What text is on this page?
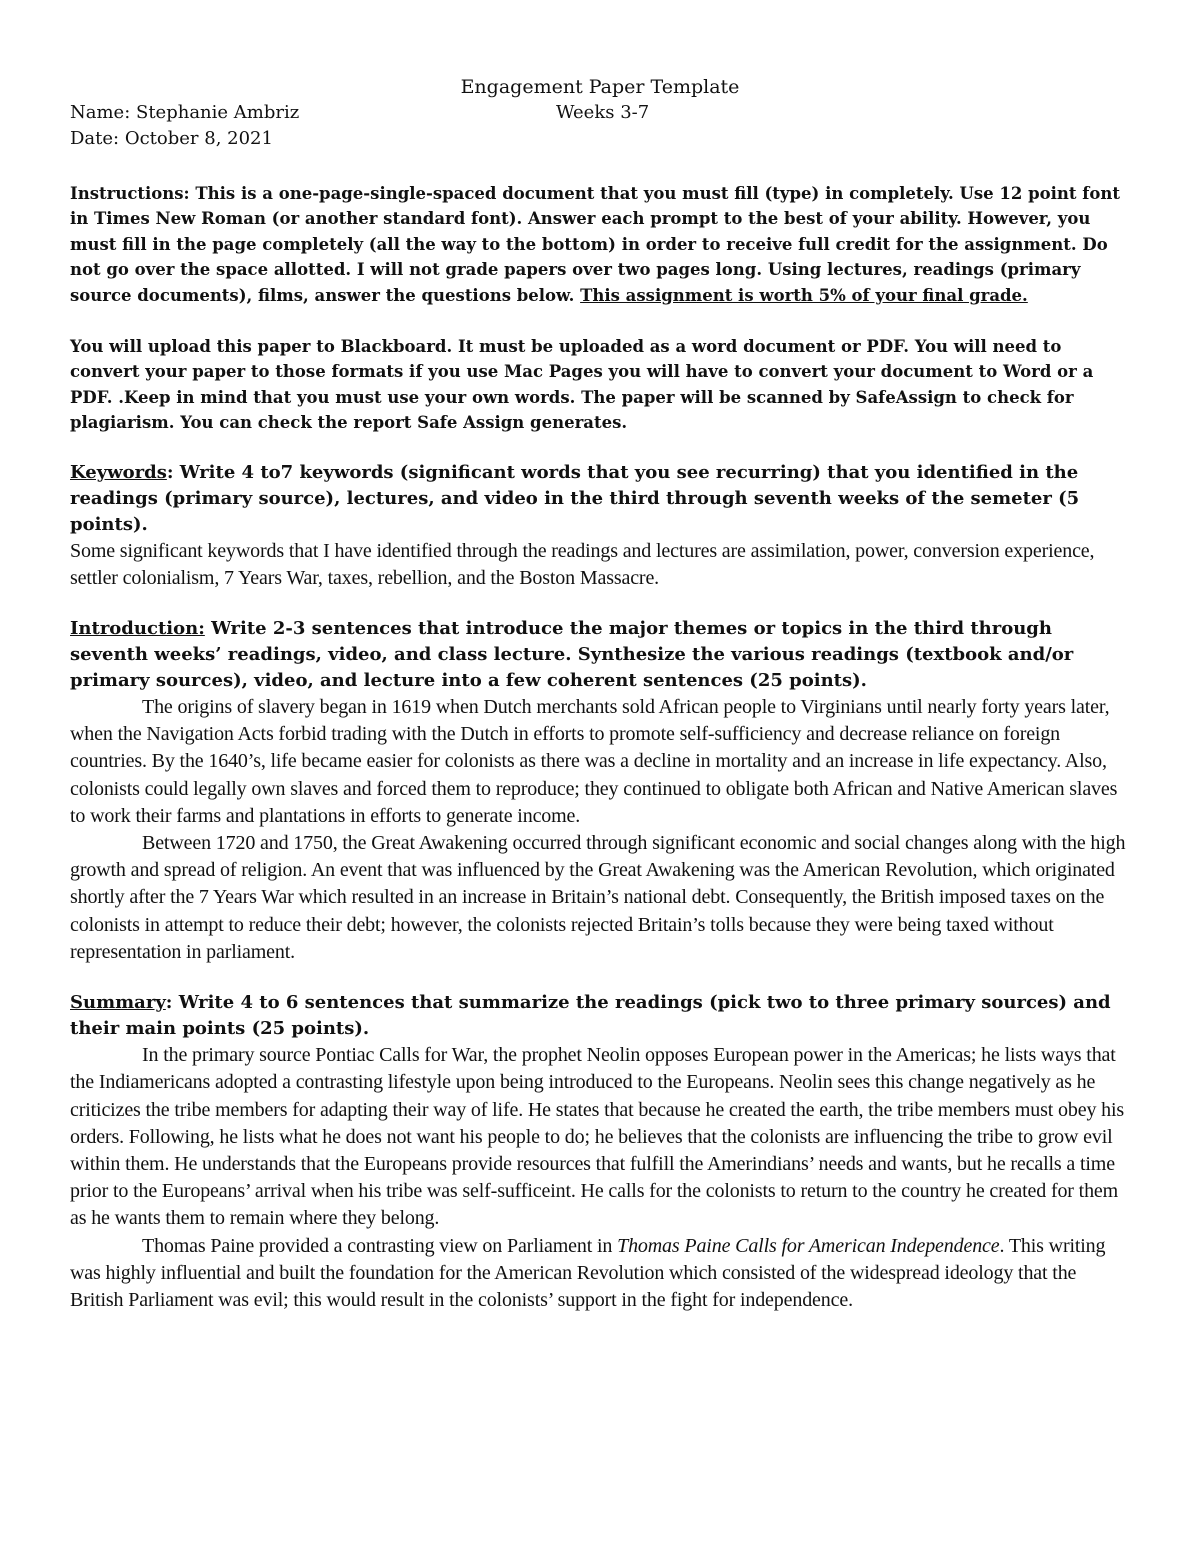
Engagement Paper Template
Name: Stephanie Ambriz	Weeks 3-7
Date: October 8, 2021
Instructions: This is a one-page-single-spaced document that you must fill (type) in completely. Use 12 point font in Times New Roman (or another standard font). Answer each prompt to the best of your ability. However, you must fill in the page completely (all the way to the bottom) in order to receive full credit for the assignment. Do not go over the space allotted. I will not grade papers over two pages long. Using lectures, readings (primary source documents), films, answer the questions below. This assignment is worth 5% of your final grade.
You will upload this paper to Blackboard. It must be uploaded as a word document or PDF. You will need to convert your paper to those formats if you use Mac Pages you will have to convert your document to Word or a PDF. .Keep in mind that you must use your own words. The paper will be scanned by SafeAssign to check for plagiarism. You can check the report Safe Assign generates.
Keywords: Write 4 to7 keywords (significant words that you see recurring) that you identified in the readings (primary source), lectures, and video in the third through seventh weeks of the semeter (5 points).
Some significant keywords that I have identified through the readings and lectures are assimilation, power, conversion experience, settler colonialism, 7 Years War, taxes, rebellion, and the Boston Massacre.
Introduction: Write 2-3 sentences that introduce the major themes or topics in the third through seventh weeks’ readings, video, and class lecture. Synthesize the various readings (textbook and/or primary sources), video, and lecture into a few coherent sentences (25 points).
The origins of slavery began in 1619 when Dutch merchants sold African people to Virginians until nearly forty years later, when the Navigation Acts forbid trading with the Dutch in efforts to promote self-sufficiency and decrease reliance on foreign countries. By the 1640’s, life became easier for colonists as there was a decline in mortality and an increase in life expectancy. Also, colonists could legally own slaves and forced them to reproduce; they continued to obligate both African and Native American slaves to work their farms and plantations in efforts to generate income.
Between 1720 and 1750, the Great Awakening occurred through significant economic and social changes along with the high growth and spread of religion. An event that was influenced by the Great Awakening was the American Revolution, which originated shortly after the 7 Years War which resulted in an increase in Britain’s national debt. Consequently, the British imposed taxes on the colonists in attempt to reduce their debt; however, the colonists rejected Britain’s tolls because they were being taxed without representation in parliament.
Summary: Write 4 to 6 sentences that summarize the readings (pick two to three primary sources) and their main points (25 points).
In the primary source Pontiac Calls for War, the prophet Neolin opposes European power in the Americas; he lists ways that the Indiamericans adopted a contrasting lifestyle upon being introduced to the Europeans. Neolin sees this change negatively as he criticizes the tribe members for adapting their way of life. He states that because he created the earth, the tribe members must obey his orders. Following, he lists what he does not want his people to do; he believes that the colonists are influencing the tribe to grow evil within them. He understands that the Europeans provide resources that fulfill the Amerindians’ needs and wants, but he recalls a time prior to the Europeans’ arrival when his tribe was self-sufficeint. He calls for the colonists to return to the country he created for them as he wants them to remain where they belong.
Thomas Paine provided a contrasting view on Parliament in Thomas Paine Calls for American Independence. This writing was highly influential and built the foundation for the American Revolution which consisted of the widespread ideology that the British Parliament was evil; this would result in the colonists’ support in the fight for independence.
